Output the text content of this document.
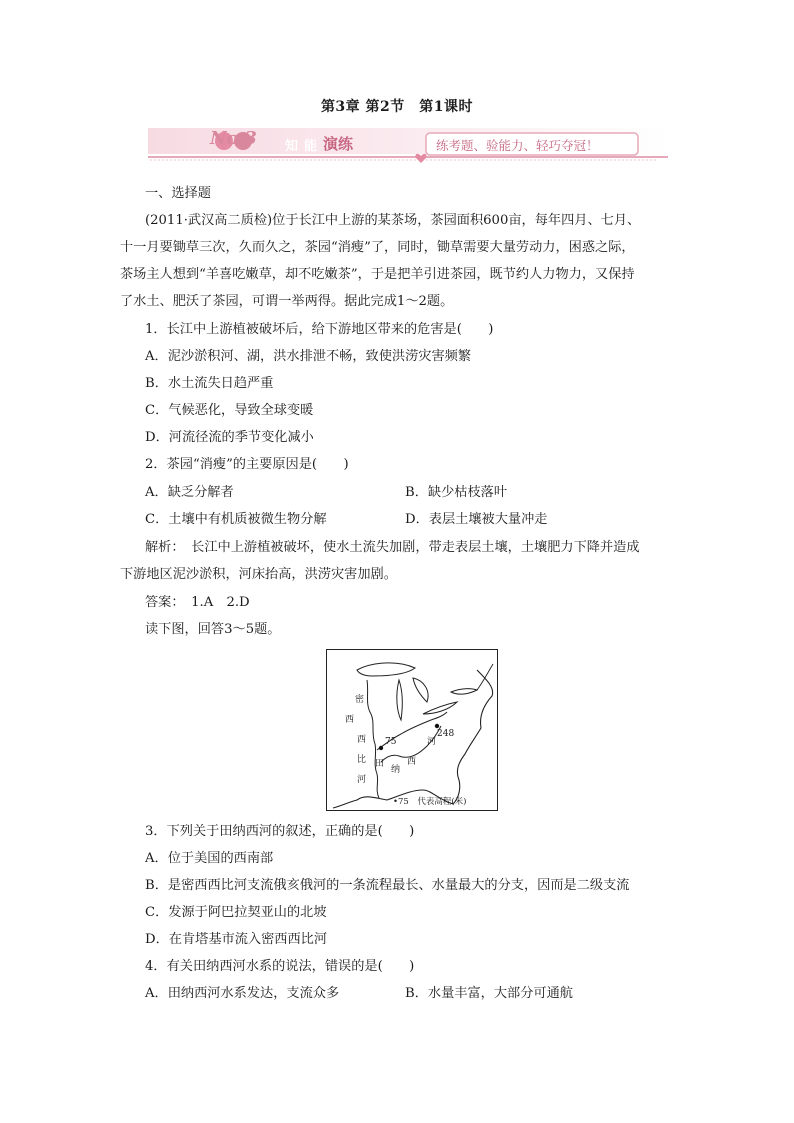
第3章 第2节　第1课时
No.3 知 能 演练	练考题、验能力、轻巧夺冠！
一、选择题
(2011·武汉高二质检)位于长江中上游的某茶场，茶园面积600亩，每年四月、七月、
十一月要锄草三次，久而久之，茶园“消瘦”了，同时，锄草需要大量劳动力，困惑之际，
茶场主人想到“羊喜吃嫩草，却不吃嫩茶”，于是把羊引进茶园，既节约人力物力，又保持
了水土、肥沃了茶园，可谓一举两得。据此完成1～2题。
1．长江中上游植被破坏后，给下游地区带来的危害是(　　)
A．泥沙淤积河、湖，洪水排泄不畅，致使洪涝灾害频繁
B．水土流失日趋严重
C．气候恶化，导致全球变暖
D．河流径流的季节变化减小
2．茶园“消瘦”的主要原因是(　　)
A．缺乏分解者	B．缺少枯枝落叶
C．土壤中有机质被微生物分解	D．表层土壤被大量冲走
解析：　长江中上游植被破坏，使水土流失加剧，带走表层土壤，土壤肥力下降并造成
下游地区泥沙淤积，河床抬高，洪涝灾害加剧。
答案：　1.A　2.D
读下图，回答3～5题。
密
西
西
比
河
田
纳
西
河
75
248
•75　代表高程(米)
3．下列关于田纳西河的叙述，正确的是(　　)
A．位于美国的西南部
B．是密西西比河支流俄亥俄河的一条流程最长、水量最大的分支，因而是二级支流
C．发源于阿巴拉契亚山的北坡
D．在肯塔基市流入密西西比河
4．有关田纳西河水系的说法，错误的是(　　)
A．田纳西河水系发达，支流众多	B．水量丰富，大部分可通航
